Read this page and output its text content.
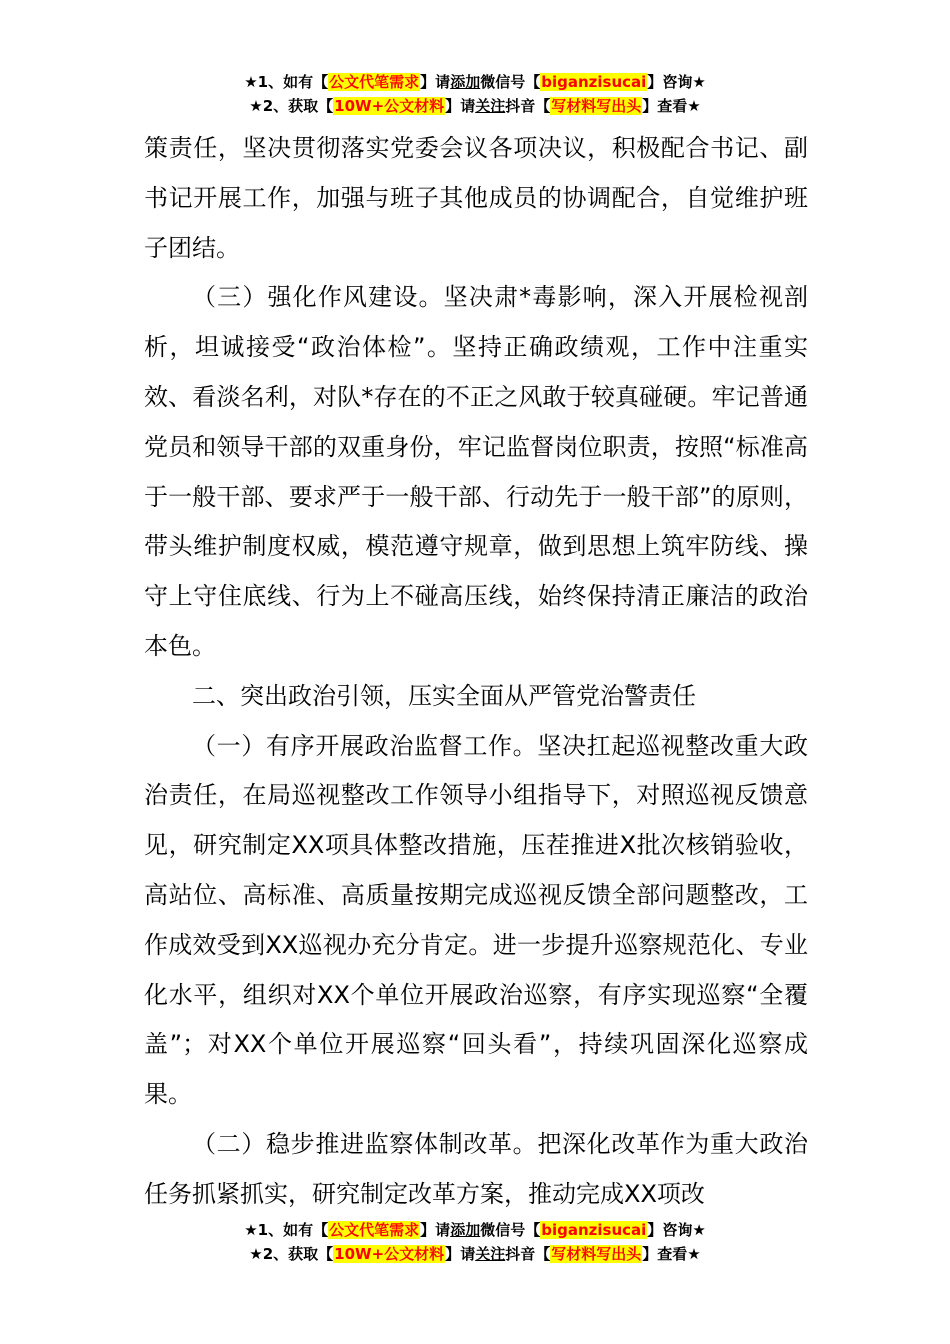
★1、如有【公文代笔需求】请添加微信号【biganzisucai】咨询★
★2、获取【10W+公文材料】请关注抖音【写材料写出头】查看★

策责任，坚决贯彻落实党委会议各项决议，积极配合书记、副书记开展工作，加强与班子其他成员的协调配合，自觉维护班子团结。

（三）强化作风建设。坚决肃*毒影响，深入开展检视剖析，坦诚接受“政治体检”。坚持正确政绩观，工作中注重实效、看淡名利，对队*存在的不正之风敢于较真碰硬。牢记普通党员和领导干部的双重身份，牢记监督岗位职责，按照“标准高于一般干部、要求严于一般干部、行动先于一般干部”的原则，带头维护制度权威，模范遵守规章，做到思想上筑牢防线、操守上守住底线、行为上不碰高压线，始终保持清正廉洁的政治本色。

二、突出政治引领，压实全面从严管党治警责任

（一）有序开展政治监督工作。坚决扛起巡视整改重大政治责任，在局巡视整改工作领导小组指导下，对照巡视反馈意见，研究制定XX项具体整改措施，压茬推进X批次核销验收，高站位、高标准、高质量按期完成巡视反馈全部问题整改，工作成效受到XX巡视办充分肯定。进一步提升巡察规范化、专业化水平，组织对XX个单位开展政治巡察，有序实现巡察“全覆盖”；对XX个单位开展巡察“回头看”，持续巩固深化巡察成果。

（二）稳步推进监察体制改革。把深化改革作为重大政治任务抓紧抓实，研究制定改革方案，推动完成XX项改

★1、如有【公文代笔需求】请添加微信号【biganzisucai】咨询★
★2、获取【10W+公文材料】请关注抖音【写材料写出头】查看★
